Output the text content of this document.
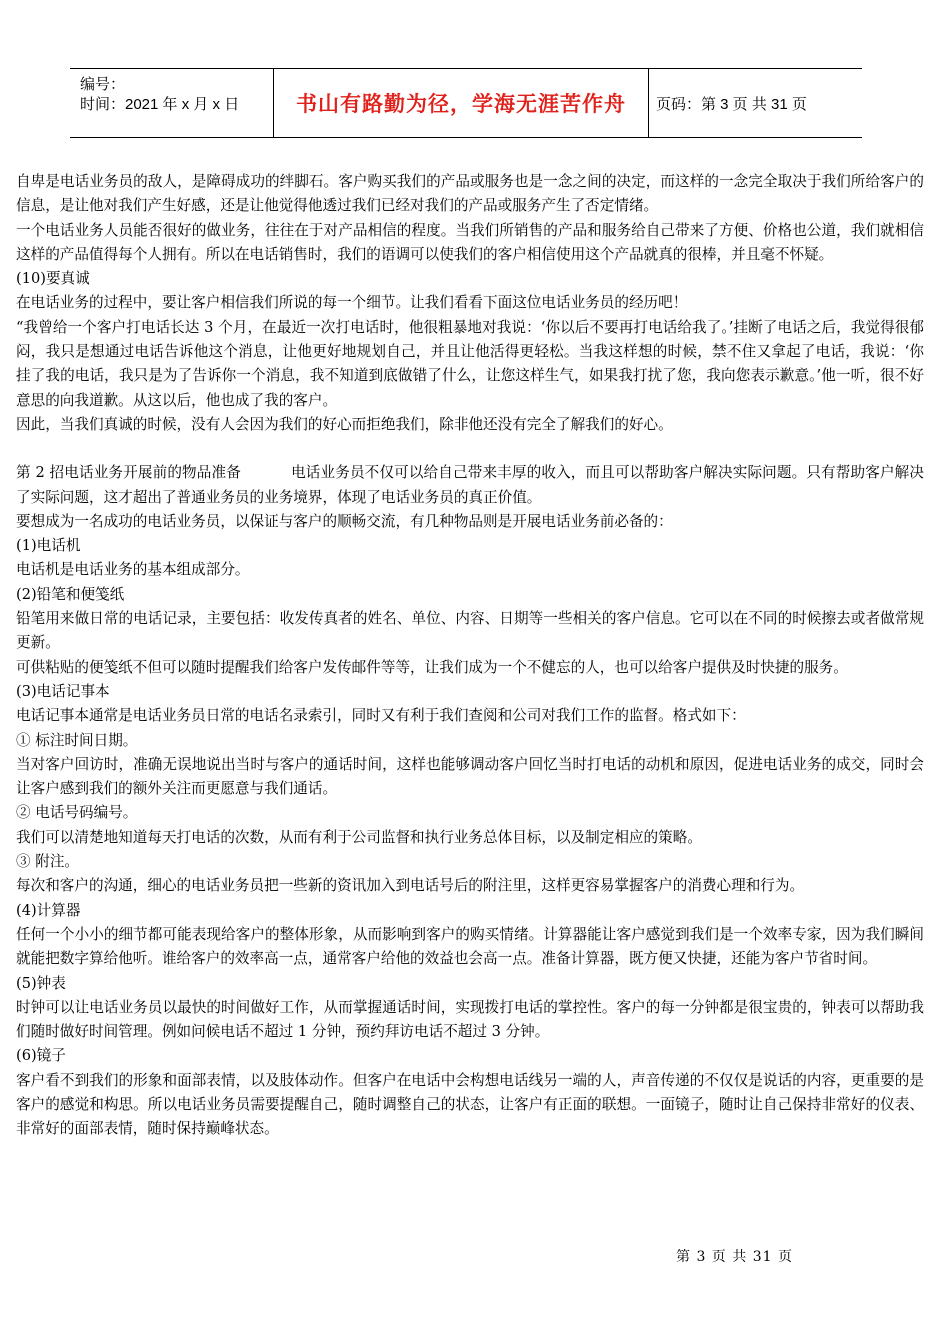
编号：
时间：2021 年 x 月 x 日	书山有路勤为径，学海无涯苦作舟 页码：第 3 页 共 31 页

自卑是电话业务员的敌人，是障碍成功的绊脚石。客户购买我们的产品或服务也是一念之间的决定，而这样的一念完全取决于我们所给客户的信息，是让他对我们产生好感，还是让他觉得他透过我们已经对我们的产品或服务产生了否定情绪。

一个电话业务人员能否很好的做业务，往往在于对产品相信的程度。当我们所销售的产品和服务给自己带来了方便、价格也公道，我们就相信这样的产品值得每个人拥有。所以在电话销售时，我们的语调可以使我们的客户相信使用这个产品就真的很棒，并且毫不怀疑。

(10)要真诚

在电话业务的过程中，要让客户相信我们所说的每一个细节。让我们看看下面这位电话业务员的经历吧！

“我曾给一个客户打电话长达 3 个月，在最近一次打电话时，他很粗暴地对我说：‘你以后不要再打电话给我了。’挂断了电话之后，我觉得很郁闷，我只是想通过电话告诉他这个消息，让他更好地规划自己，并且让他活得更轻松。当我这样想的时候，禁不住又拿起了电话，我说：‘你挂了我的电话，我只是为了告诉你一个消息，我不知道到底做错了什么，让您这样生气，如果我打扰了您，我向您表示歉意。’他一听，很不好意思的向我道歉。从这以后，他也成了我的客户。

因此，当我们真诚的时候，没有人会因为我们的好心而拒绝我们，除非他还没有完全了解我们的好心。

第 2 招电话业务开展前的物品准备	电话业务员不仅可以给自己带来丰厚的收入，而且可以帮助客户解决实际问题。只有帮助客户解决了实际问题，这才超出了普通业务员的业务境界，体现了电话业务员的真正价值。

要想成为一名成功的电话业务员，以保证与客户的顺畅交流，有几种物品则是开展电话业务前必备的：

(1)电话机

电话机是电话业务的基本组成部分。

(2)铅笔和便笺纸

铅笔用来做日常的电话记录，主要包括：收发传真者的姓名、单位、内容、日期等一些相关的客户信息。它可以在不同的时候擦去或者做常规更新。

可供粘贴的便笺纸不但可以随时提醒我们给客户发传邮件等等，让我们成为一个不健忘的人，也可以给客户提供及时快捷的服务。

(3)电话记事本

电话记事本通常是电话业务员日常的电话名录索引，同时又有利于我们查阅和公司对我们工作的监督。格式如下：

① 标注时间日期。

当对客户回访时，准确无误地说出当时与客户的通话时间，这样也能够调动客户回忆当时打电话的动机和原因，促进电话业务的成交，同时会让客户感到我们的额外关注而更愿意与我们通话。

② 电话号码编号。

我们可以清楚地知道每天打电话的次数，从而有利于公司监督和执行业务总体目标，以及制定相应的策略。

③ 附注。

每次和客户的沟通，细心的电话业务员把一些新的资讯加入到电话号后的附注里，这样更容易掌握客户的消费心理和行为。

(4)计算器

任何一个小小的细节都可能表现给客户的整体形象，从而影响到客户的购买情绪。计算器能让客户感觉到我们是一个效率专家，因为我们瞬间就能把数字算给他听。谁给客户的效率高一点，通常客户给他的效益也会高一点。准备计算器，既方便又快捷，还能为客户节省时间。

(5)钟表

时钟可以让电话业务员以最快的时间做好工作，从而掌握通话时间，实现拨打电话的掌控性。客户的每一分钟都是很宝贵的，钟表可以帮助我们随时做好时间管理。例如问候电话不超过 1 分钟，预约拜访电话不超过 3 分钟。

(6)镜子

客户看不到我们的形象和面部表情，以及肢体动作。但客户在电话中会构想电话线另一端的人，声音传递的不仅仅是说话的内容，更重要的是客户的感觉和构思。所以电话业务员需要提醒自己，随时调整自己的状态，让客户有正面的联想。一面镜子，随时让自己保持非常好的仪表、非常好的面部表情，随时保持巅峰状态。

第 3 页 共 31 页
